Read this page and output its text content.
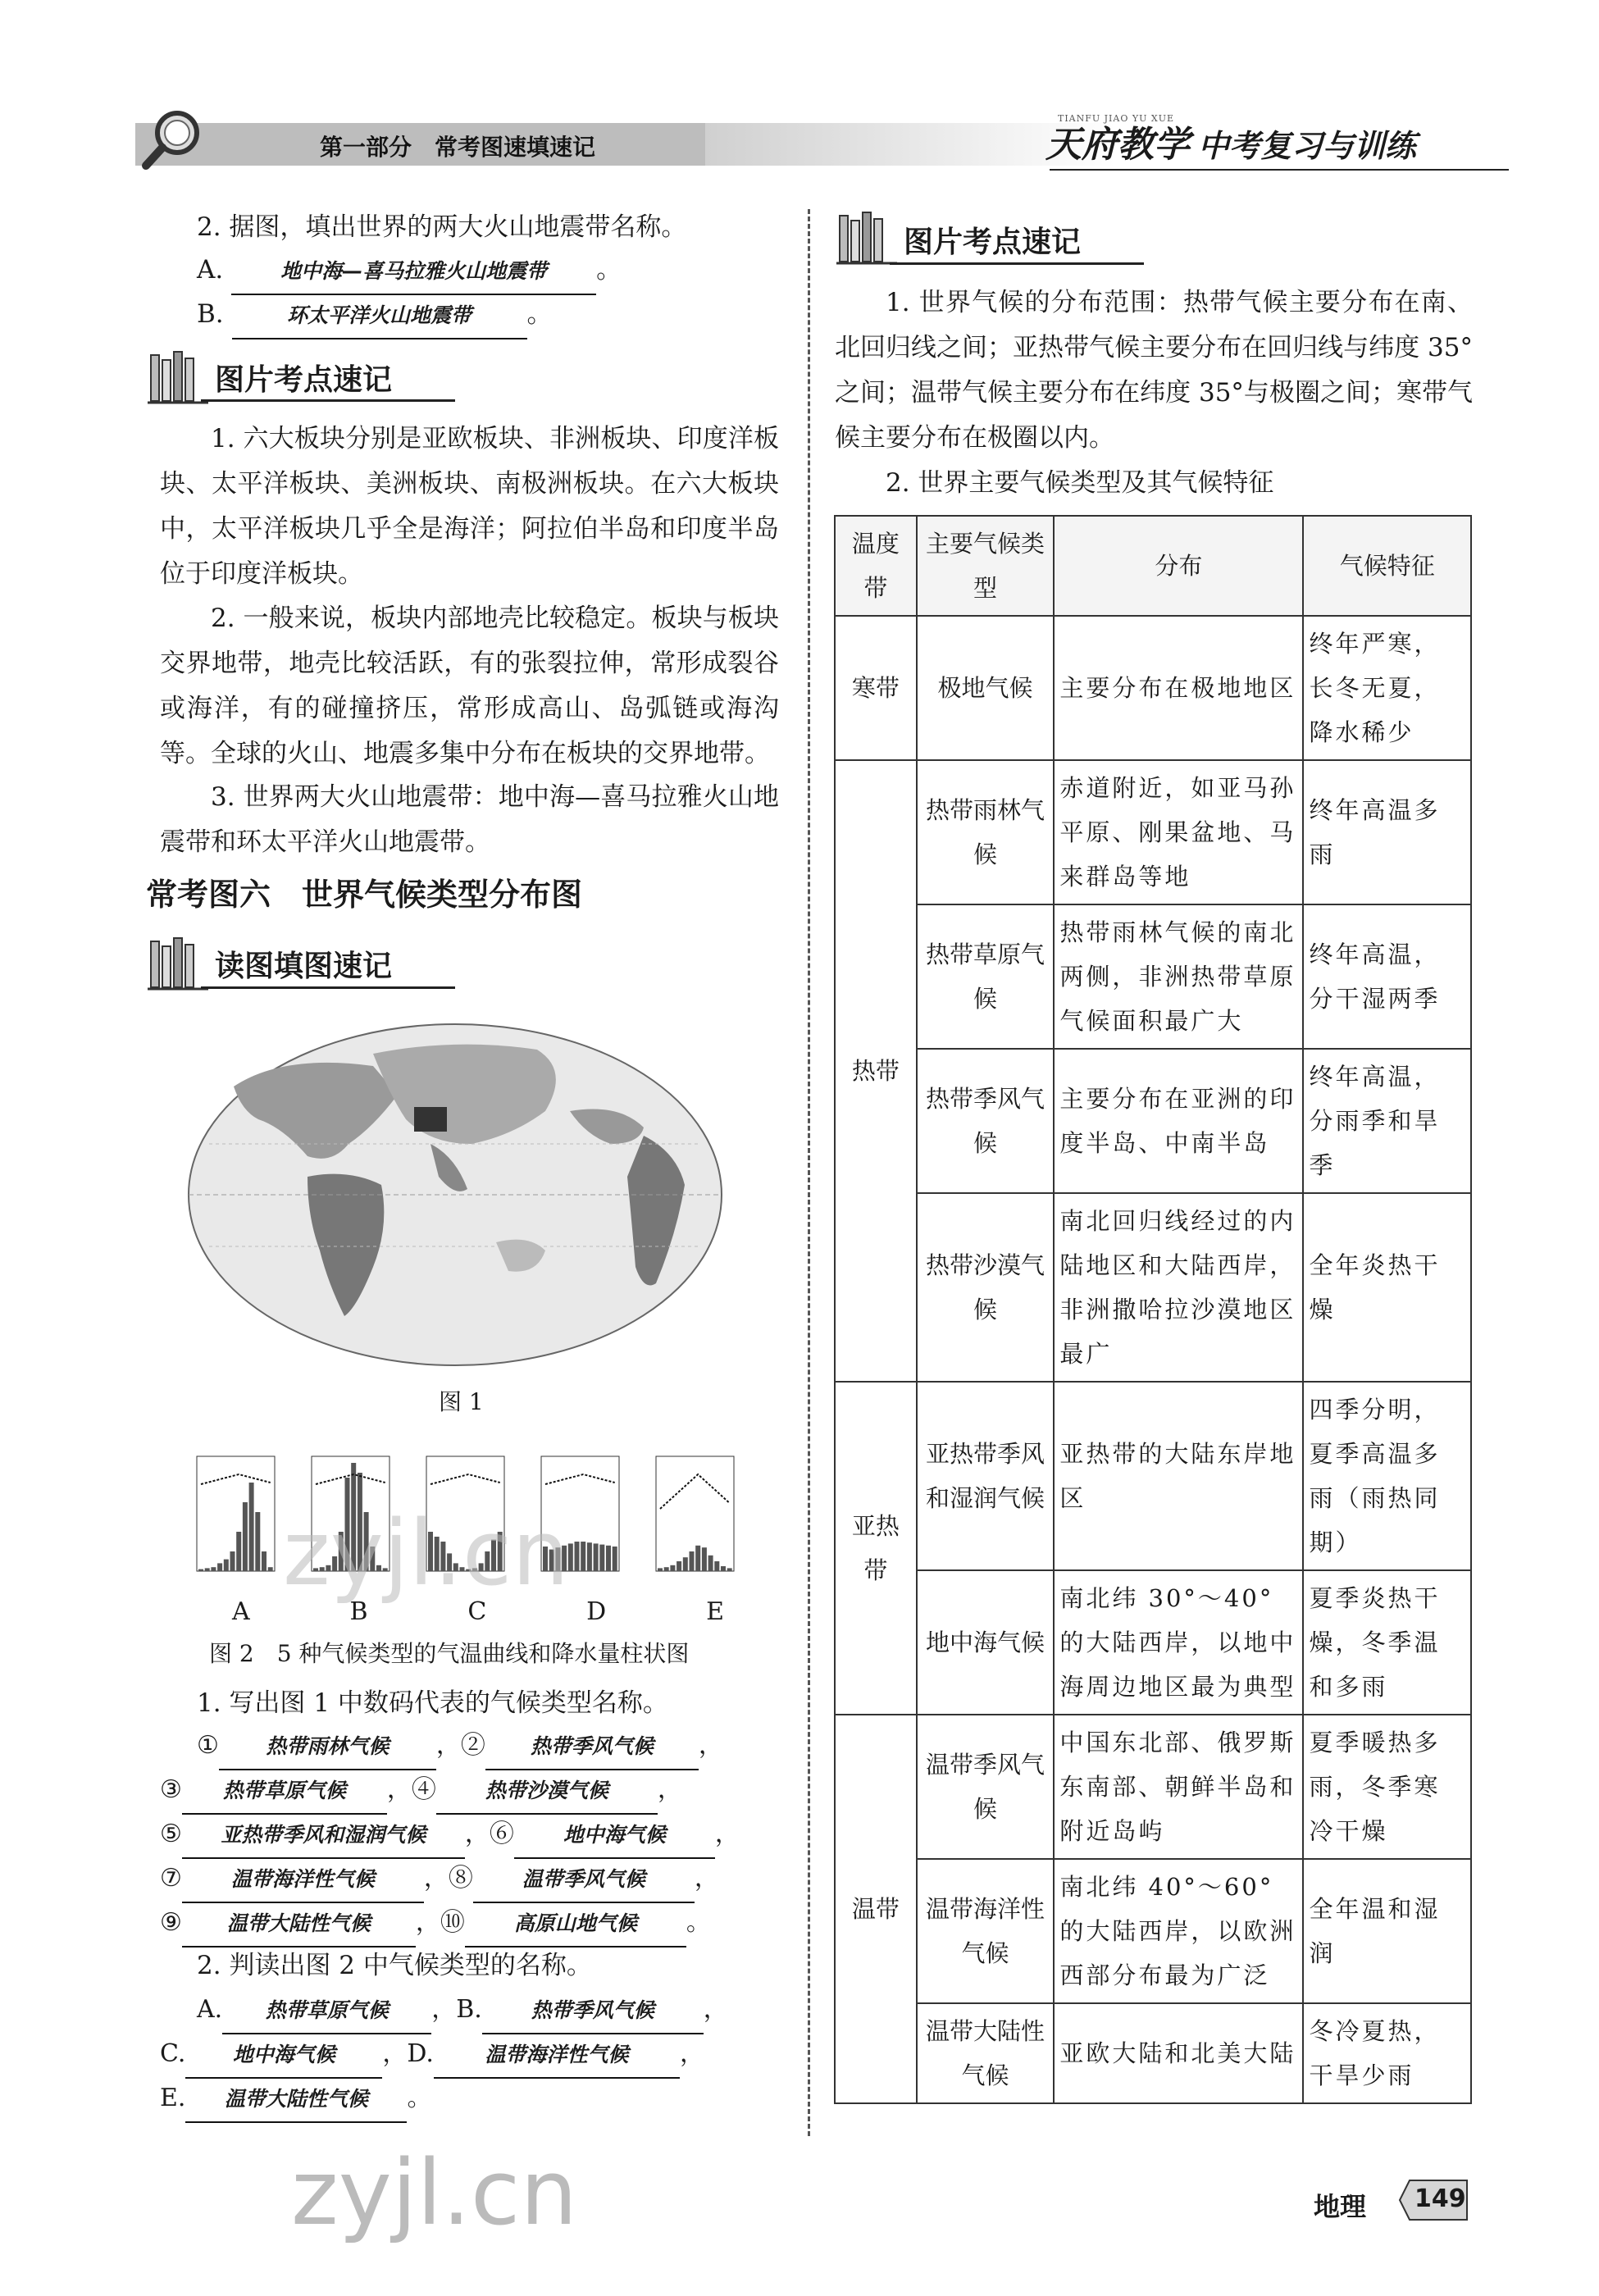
第一部分　常考图速填速记
TIANFU JIAO YU XUE
天府教学 中考复习与训练

2. 据图，填出世界的两大火山地震带名称。

A.	地中海—喜马拉雅火山地震带 。

B.	环太平洋火山地震带 。

图片考点速记

1. 六大板块分别是亚欧板块、非洲板块、印度洋板块、太平洋板块、美洲板块、南极洲板块。在六大板块中，太平洋板块几乎全是海洋；阿拉伯半岛和印度半岛位于印度洋板块。

2. 一般来说，板块内部地壳比较稳定。板块与板块交界地带，地壳比较活跃，有的张裂拉伸，常形成裂谷或海洋，有的碰撞挤压，常形成高山、岛弧链或海沟等。全球的火山、地震多集中分布在板块的交界地带。

3. 世界两大火山地震带：地中海—喜马拉雅火山地震带和环太平洋火山地震带。

常考图六　世界气候类型分布图
读图填图速记
图 1
A	B	C	D	E
图 2　5 种气候类型的气温曲线和降水量柱状图

1. 写出图 1 中数码代表的气候类型名称。

① 热带雨林气候 ，② 热带季风气候 ，
③ 热带草原气候 ，④ 热带沙漠气候 ，
⑤ 亚热带季风和湿润气候 ，⑥ 地中海气候 ，
⑦ 温带海洋性气候 ，⑧ 温带季风气候 ，
⑨ 温带大陆性气候 ，⑩ 高原山地气候 。

2. 判读出图 2 中气候类型的名称。

A. 热带草原气候 ，B. 热带季风气候 ，
C. 地中海气候 ，D. 温带海洋性气候 ，
E. 温带大陆性气候 。
图片考点速记

1. 世界气候的分布范围：热带气候主要分布在南、北回归线之间；亚热带气候主要分布在回归线与纬度 35°之间；温带气候主要分布在纬度 35°与极圈之间；寒带气候主要分布在极圈以内。

2. 世界主要气候类型及其气候特征

温度带	主要气候类型	分布	气候特征
寒带	极地气候	主要分布在极地地区	终年严寒，长冬无夏，降水稀少
热带	热带雨林气候	赤道附近，如亚马孙平原、刚果盆地、马来群岛等地	终年高温多雨
	热带草原气候	热带雨林气候的南北两侧，非洲热带草原气候面积最广大	终年高温，分干湿两季
	热带季风气候	主要分布在亚洲的印度半岛、中南半岛	终年高温，分雨季和旱季
	热带沙漠气候	南北回归线经过的内陆地区和大陆西岸，非洲撒哈拉沙漠地区最广	全年炎热干燥
亚热带	亚热带季风和湿润气候	亚热带的大陆东岸地区	四季分明，夏季高温多雨（雨热同期）
	地中海气候	南北纬 30°～40°的大陆西岸，以地中海周边地区最为典型	夏季炎热干燥，冬季温和多雨
温带	温带季风气候	中国东北部、俄罗斯东南部、朝鲜半岛和附近岛屿	夏季暖热多雨，冬季寒冷干燥
	温带海洋性气候	南北纬 40°～60°的大陆西岸，以欧洲西部分布最为广泛	全年温和湿润
	温带大陆性气候	亚欧大陆和北美大陆	冬冷夏热，干旱少雨
zyjl.cn
zyjl.cn	地理 149
